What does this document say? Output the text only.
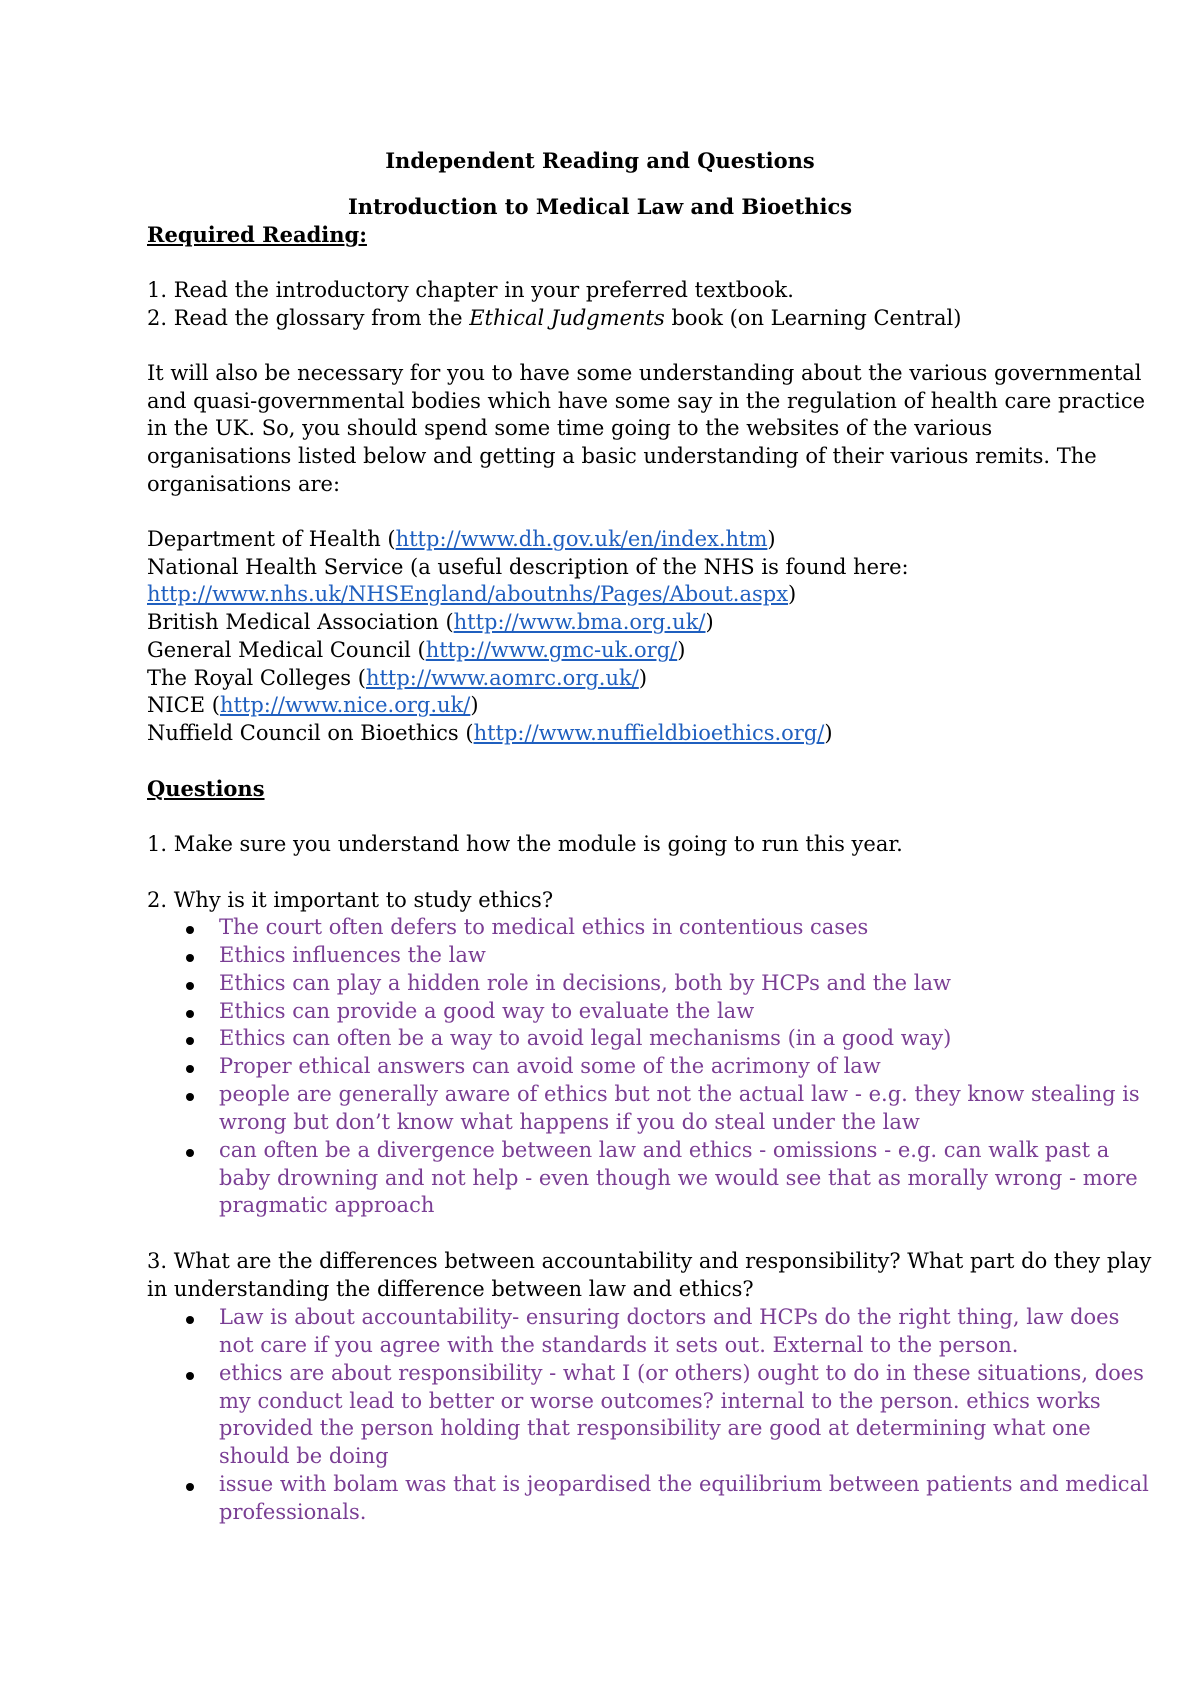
Independent Reading and Questions
Introduction to Medical Law and Bioethics
Required Reading:
1. Read the introductory chapter in your preferred textbook.
2. Read the glossary from the Ethical Judgments book (on Learning Central)
It will also be necessary for you to have some understanding about the various governmental
and quasi-governmental bodies which have some say in the regulation of health care practice
in the UK. So, you should spend some time going to the websites of the various
organisations listed below and getting a basic understanding of their various remits. The
organisations are:
Department of Health (http://www.dh.gov.uk/en/index.htm)
National Health Service (a useful description of the NHS is found here:
http://www.nhs.uk/NHSEngland/aboutnhs/Pages/About.aspx)
British Medical Association (http://www.bma.org.uk/)
General Medical Council (http://www.gmc-uk.org/)
The Royal Colleges (http://www.aomrc.org.uk/)
NICE (http://www.nice.org.uk/)
Nuffield Council on Bioethics (http://www.nuffieldbioethics.org/)
Questions
1. Make sure you understand how the module is going to run this year.
2. Why is it important to study ethics?
The court often defers to medical ethics in contentious cases
Ethics influences the law
Ethics can play a hidden role in decisions, both by HCPs and the law
Ethics can provide a good way to evaluate the law
Ethics can often be a way to avoid legal mechanisms (in a good way)
Proper ethical answers can avoid some of the acrimony of law
people are generally aware of ethics but not the actual law - e.g. they know stealing is
wrong but don’t know what happens if you do steal under the law
can often be a divergence between law and ethics - omissions - e.g. can walk past a
baby drowning and not help - even though we would see that as morally wrong - more
pragmatic approach
3. What are the differences between accountability and responsibility? What part do they play
in understanding the difference between law and ethics?
Law is about accountability- ensuring doctors and HCPs do the right thing, law does
not care if you agree with the standards it sets out. External to the person.
ethics are about responsibility - what I (or others) ought to do in these situations, does
my conduct lead to better or worse outcomes? internal to the person. ethics works
provided the person holding that responsibility are good at determining what one
should be doing
issue with bolam was that is jeopardised the equilibrium between patients and medical
professionals.
